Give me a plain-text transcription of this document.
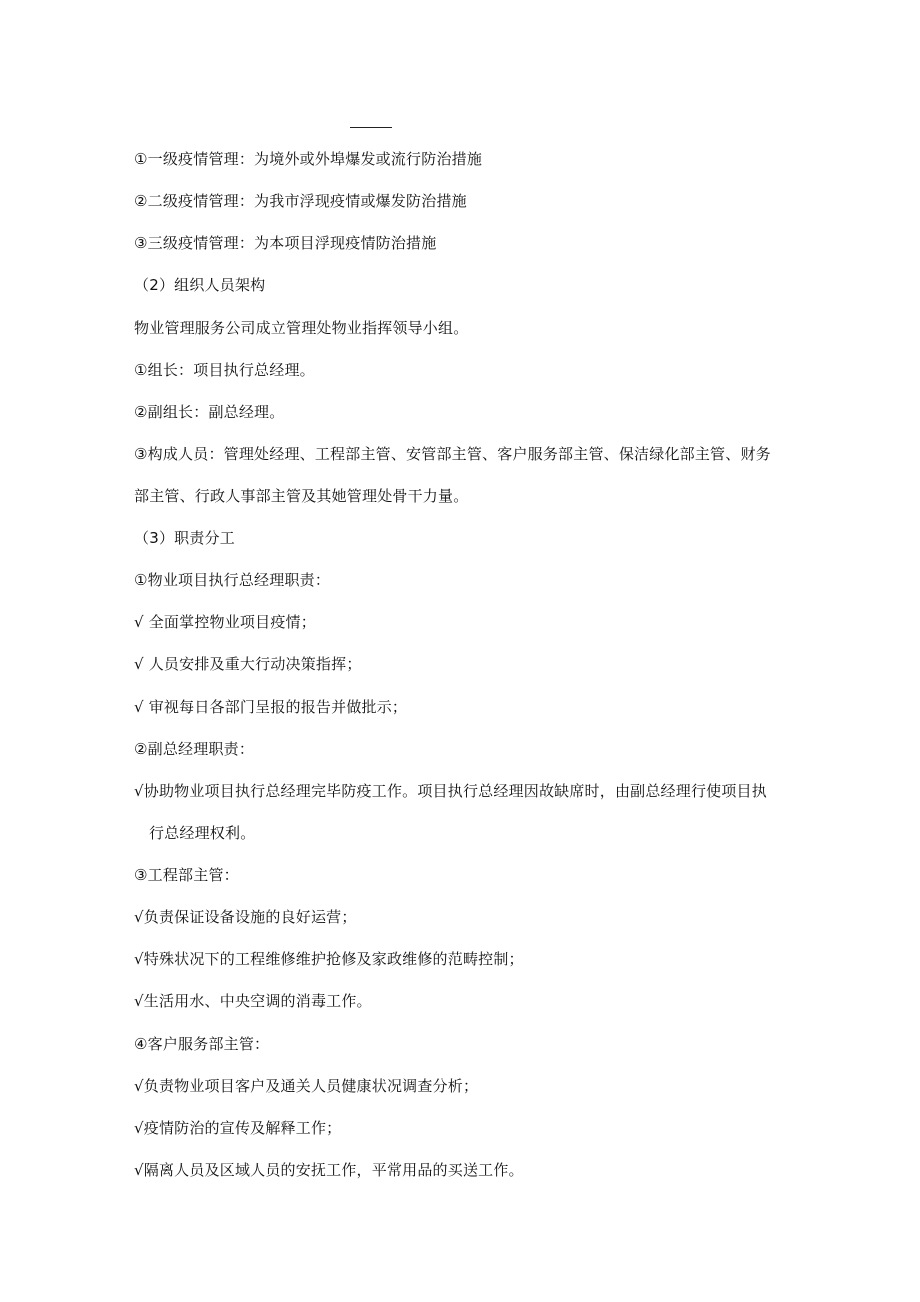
①一级疫情管理：为境外或外埠爆发或流行防治措施
②二级疫情管理：为我市浮现疫情或爆发防治措施
③三级疫情管理：为本项目浮现疫情防治措施
（2）组织人员架构
物业管理服务公司成立管理处物业指挥领导小组。
①组长：项目执行总经理。
②副组长：副总经理。
③构成人员：管理处经理、工程部主管、安管部主管、客户服务部主管、保洁绿化部主管、财务
部主管、行政人事部主管及其她管理处骨干力量。
（3）职责分工
①物业项目执行总经理职责：
√ 全面掌控物业项目疫情；
√ 人员安排及重大行动决策指挥；
√ 审视每日各部门呈报的报告并做批示；
②副总经理职责：
√协助物业项目执行总经理完毕防疫工作。项目执行总经理因故缺席时，由副总经理行使项目执
行总经理权利。
③工程部主管：
√负责保证设备设施的良好运营；
√特殊状况下的工程维修维护抢修及家政维修的范畴控制；
√生活用水、中央空调的消毒工作。
④客户服务部主管：
√负责物业项目客户及通关人员健康状况调查分析；
√疫情防治的宣传及解释工作；
√隔离人员及区域人员的安抚工作，平常用品的买送工作。
